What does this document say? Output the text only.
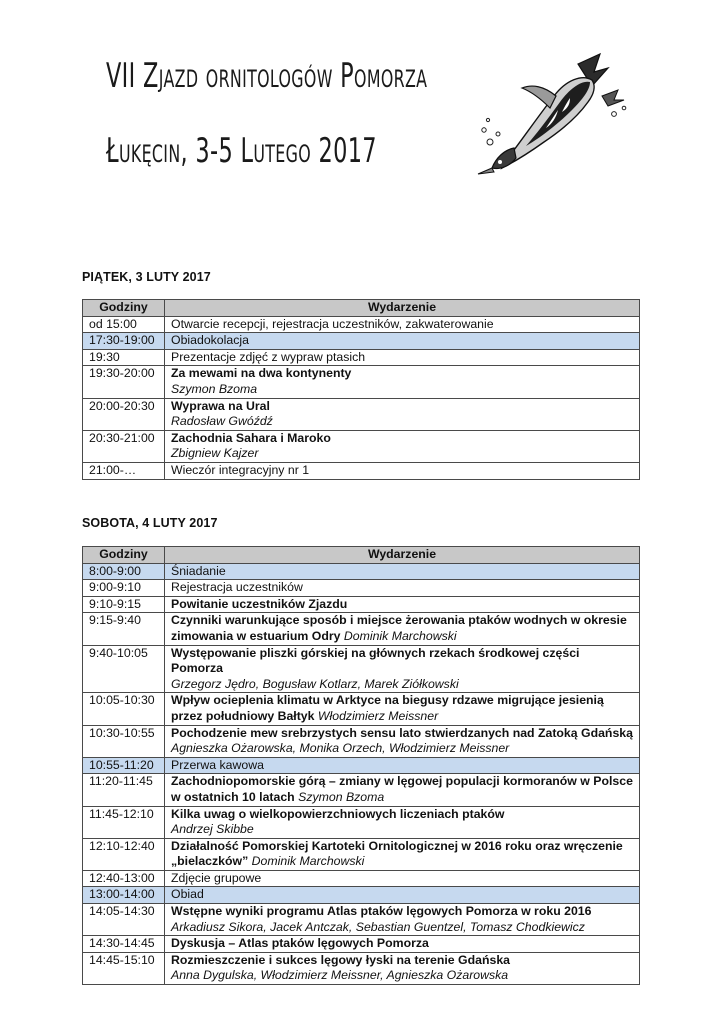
VII Zjazd ornitologów Pomorza
Łukęcin, 3-5 Lutego 2017
PIĄTEK, 3 LUTY 2017
Godziny	Wydarzenie
od 15:00	Otwarcie recepcji, rejestracja uczestników, zakwaterowanie
17:30-19:00	Obiadokolacja
19:30	Prezentacje zdjęć z wypraw ptasich
19:30-20:00	Za mewami na dwa kontynenty
Szymon Bzoma

20:00-20:30	Wyprawa na Ural
Radosław Gwóźdź

20:30-21:00	Zachodnia Sahara i Maroko
Zbigniew Kajzer

21:00-…	Wieczór integracyjny nr 1
SOBOTA, 4 LUTY 2017
Godziny	Wydarzenie
8:00-9:00	Śniadanie
9:00-9:10	Rejestracja uczestników
9:10-9:15	Powitanie uczestników Zjazdu
9:15-9:40	Czynniki warunkujące sposób i miejsce żerowania ptaków wodnych w okresie zimowania w estuarium Odry Dominik Marchowski
9:40-10:05	Występowanie pliszki górskiej na głównych rzekach środkowej części Pomorza
Grzegorz Jędro, Bogusław Kotlarz, Marek Ziółkowski

10:05-10:30	Wpływ ocieplenia klimatu w Arktyce na biegusy rdzawe migrujące jesienią przez południowy Bałtyk Włodzimierz Meissner
10:30-10:55	Pochodzenie mew srebrzystych sensu lato stwierdzanych nad Zatoką Gdańską
Agnieszka Ożarowska, Monika Orzech, Włodzimierz Meissner

10:55-11:20	Przerwa kawowa
11:20-11:45	Zachodniopomorskie górą – zmiany w lęgowej populacji kormoranów w Polsce w ostatnich 10 latach Szymon Bzoma
11:45-12:10	Kilka uwag o wielkopowierzchniowych liczeniach ptaków
Andrzej Skibbe

12:10-12:40	Działalność Pomorskiej Kartoteki Ornitologicznej w 2016 roku oraz wręczenie „bielaczków” Dominik Marchowski
12:40-13:00	Zdjęcie grupowe
13:00-14:00	Obiad
14:05-14:30	Wstępne wyniki programu Atlas ptaków lęgowych Pomorza w roku 2016
Arkadiusz Sikora, Jacek Antczak, Sebastian Guentzel, Tomasz Chodkiewicz

14:30-14:45	Dyskusja – Atlas ptaków lęgowych Pomorza
14:45-15:10	Rozmieszczenie i sukces lęgowy łyski na terenie Gdańska
Anna Dygulska, Włodzimierz Meissner, Agnieszka Ożarowska
